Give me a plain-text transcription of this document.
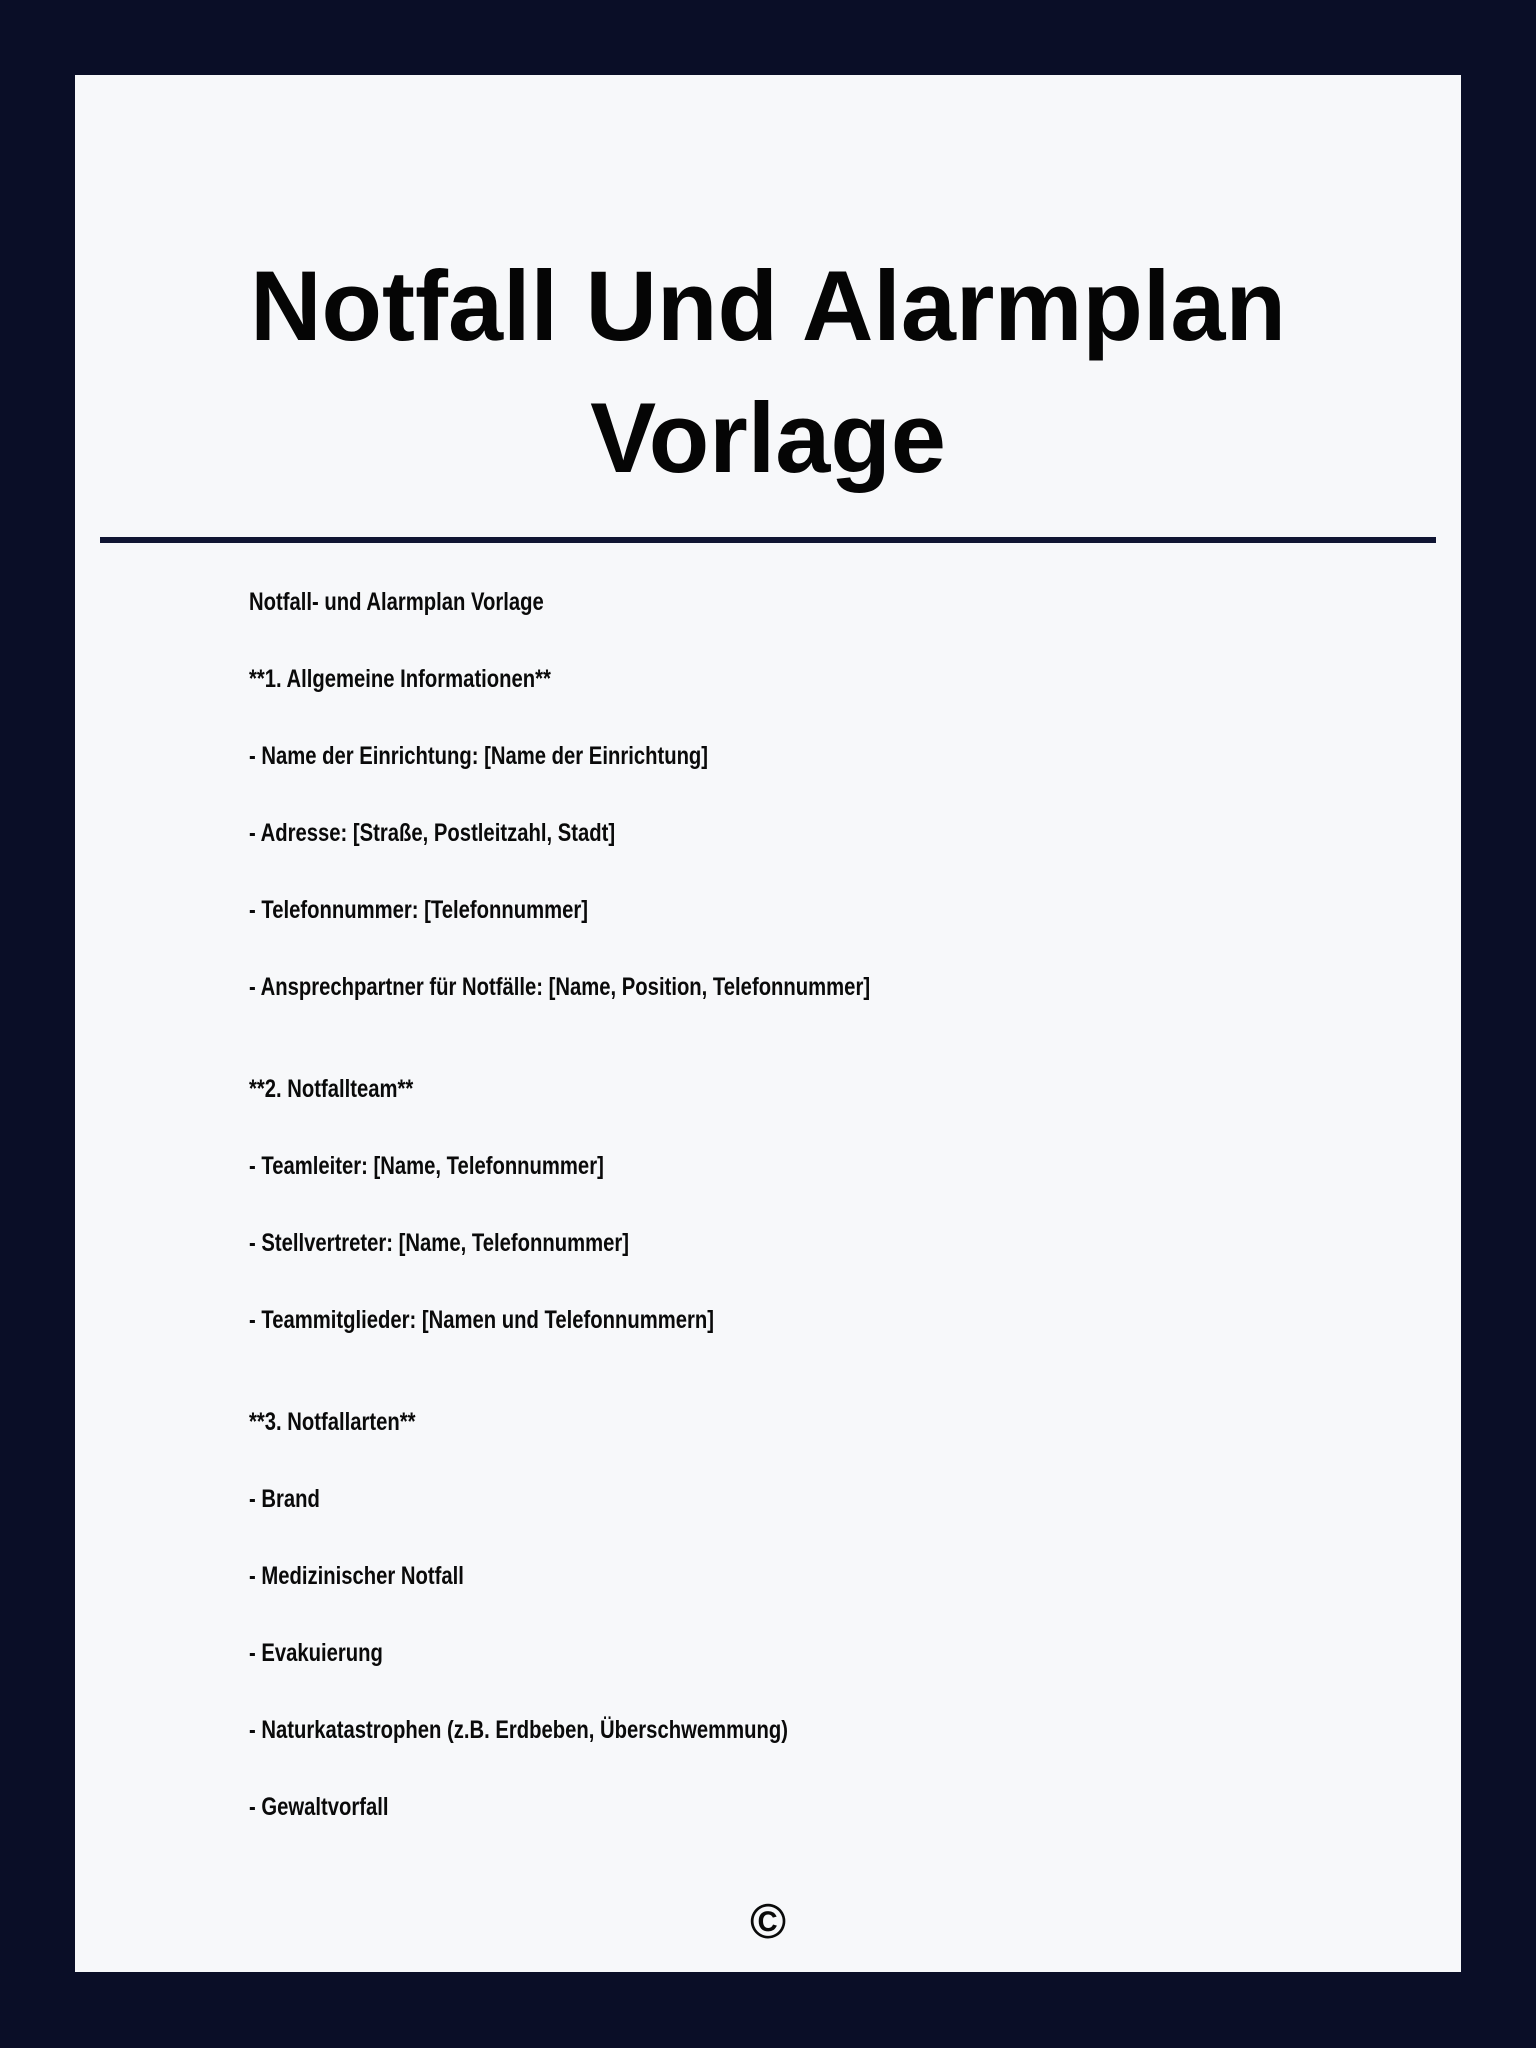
Notfall Und Alarmplan
Vorlage
Notfall- und Alarmplan Vorlage
**1. Allgemeine Informationen**
- Name der Einrichtung: [Name der Einrichtung]
- Adresse: [Straße, Postleitzahl, Stadt]
- Telefonnummer: [Telefonnummer]
- Ansprechpartner für Notfälle: [Name, Position, Telefonnummer]
**2. Notfallteam**
- Teamleiter: [Name, Telefonnummer]
- Stellvertreter: [Name, Telefonnummer]
- Teammitglieder: [Namen und Telefonnummern]
**3. Notfallarten**
- Brand
- Medizinischer Notfall
- Evakuierung
- Naturkatastrophen (z.B. Erdbeben, Überschwemmung)
- Gewaltvorfall
©
